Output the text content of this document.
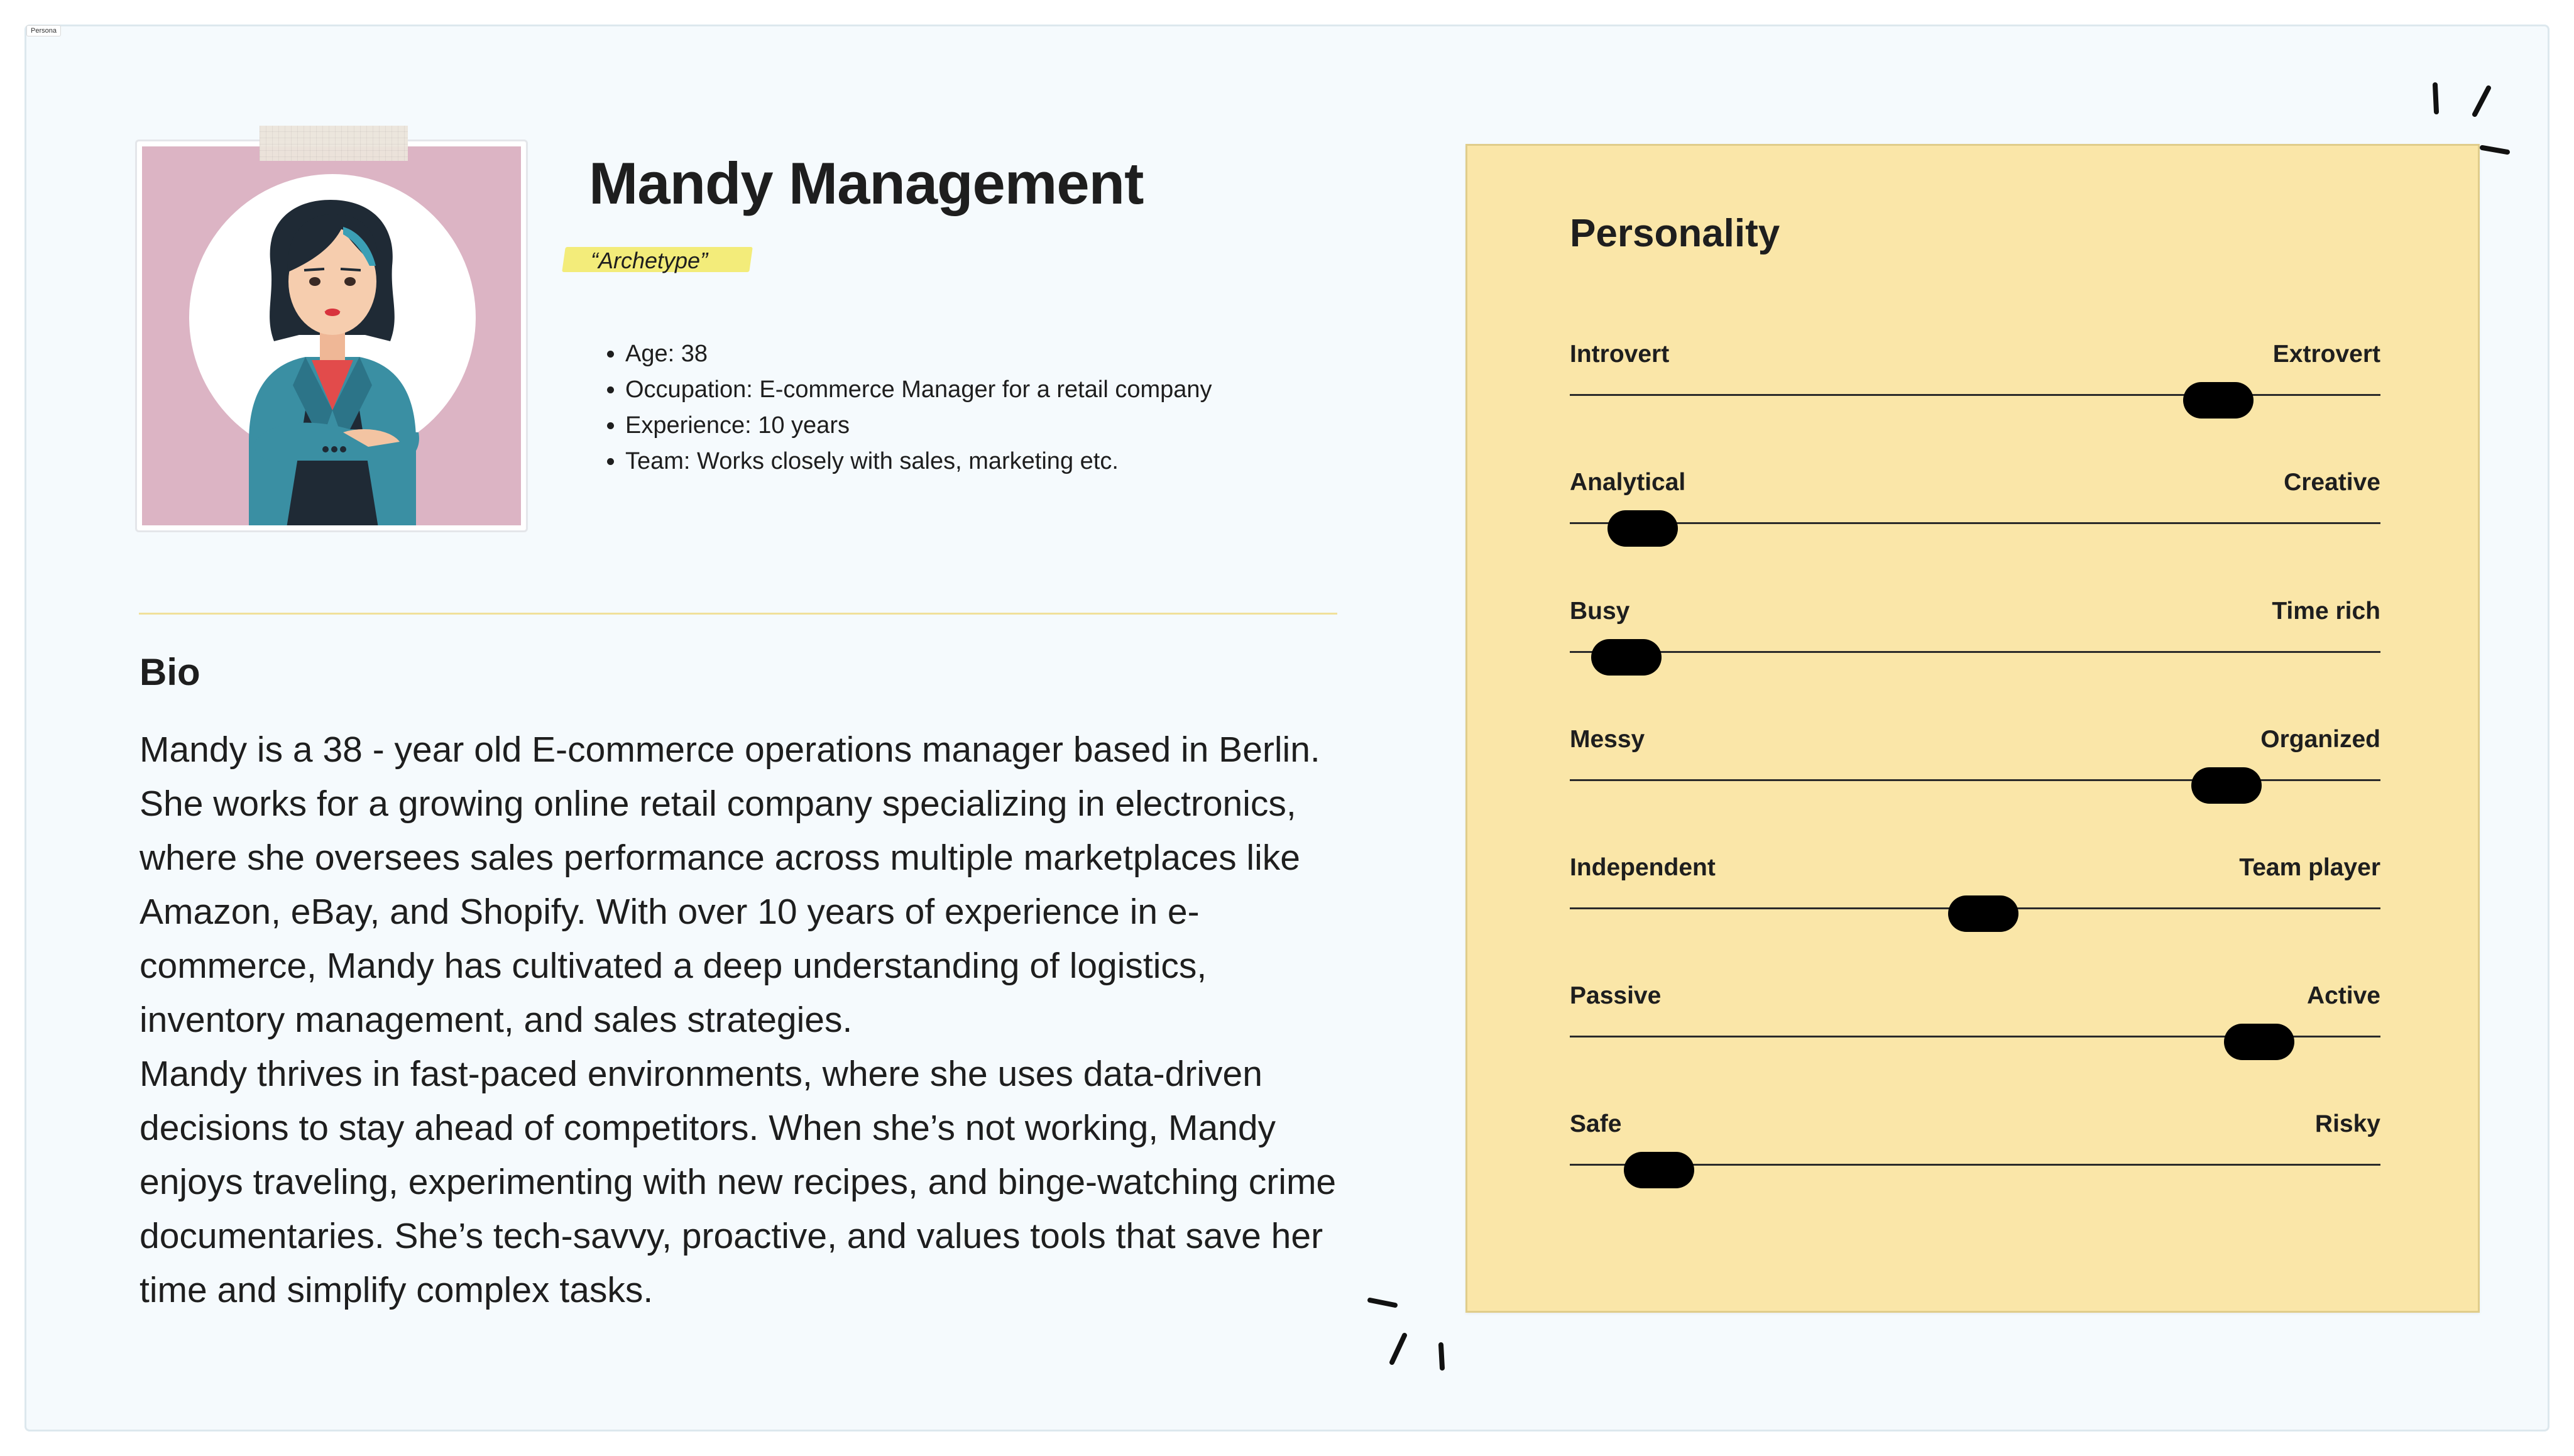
Persona
Mandy Management
“Archetype”
• Age: 38
• Occupation: E-commerce Manager for a retail company
• Experience: 10 years
• Team: Works closely with sales, marketing etc.
Bio

Mandy is a 38 - year old E-commerce operations manager based in Berlin. She works for a growing online retail company specializing in electronics, where she oversees sales performance across multiple marketplaces like Amazon, eBay, and Shopify. With over 10 years of experience in e-commerce, Mandy has cultivated a deep understanding of logistics, inventory management, and sales strategies.

Mandy thrives in fast-paced environments, where she uses data-driven decisions to stay ahead of competitors. When she’s not working, Mandy enjoys traveling, experimenting with new recipes, and binge-watching crime documentaries. She’s tech-savvy, proactive, and values tools that save her time and simplify complex tasks.

Personality
Introvert	Extrovert
Analytical	Creative
Busy	Time rich
Messy	Organized
Independent	Team player
Passive	Active
Safe	Risky
